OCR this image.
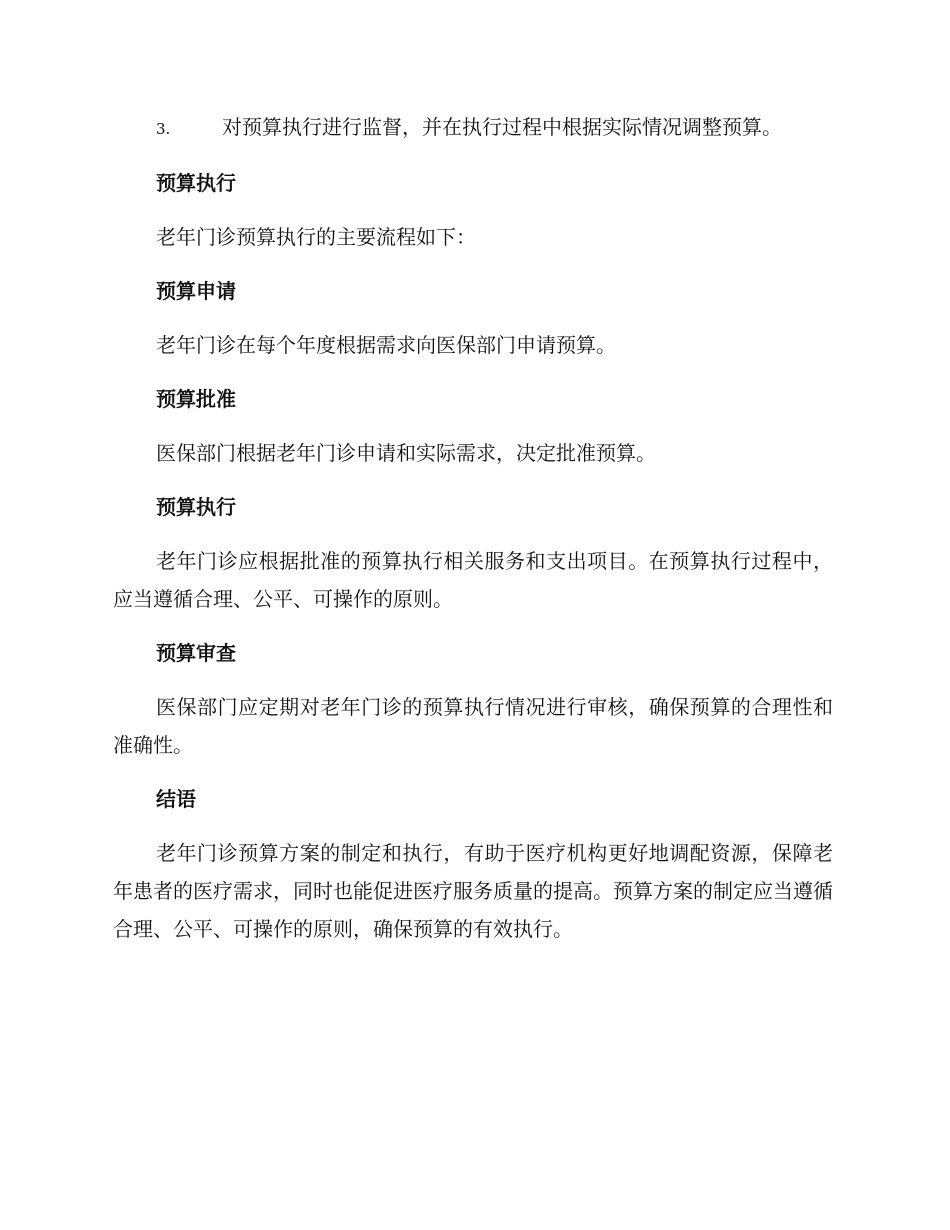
3.	对预算执行进行监督，并在执行过程中根据实际情况调整预算。
预算执行
老年门诊预算执行的主要流程如下：
预算申请
老年门诊在每个年度根据需求向医保部门申请预算。
预算批准
医保部门根据老年门诊申请和实际需求，决定批准预算。
预算执行
老年门诊应根据批准的预算执行相关服务和支出项目。在预算执行过程中，应当遵循合理、公平、可操作的原则。
预算审查
医保部门应定期对老年门诊的预算执行情况进行审核，确保预算的合理性和准确性。
结语
老年门诊预算方案的制定和执行，有助于医疗机构更好地调配资源，保障老年患者的医疗需求，同时也能促进医疗服务质量的提高。预算方案的制定应当遵循合理、公平、可操作的原则，确保预算的有效执行。
